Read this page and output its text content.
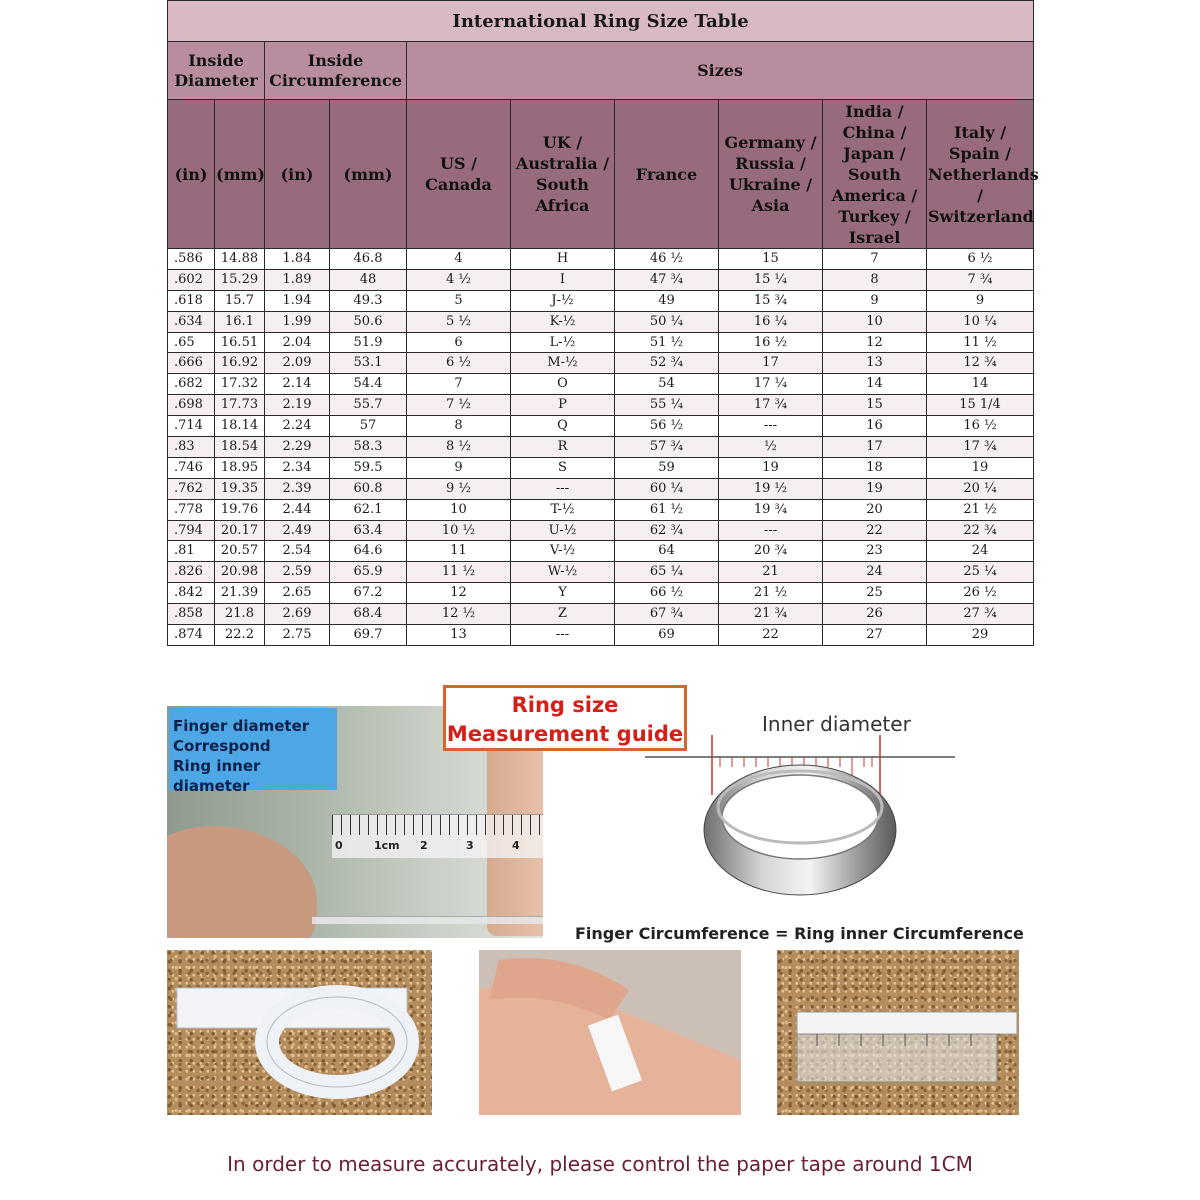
International Ring Size Table									
Inside Diameter		Inside Circumference		Sizes					
(in)	(mm)	(in)	(mm)	US / Canada	UK / Australia / South Africa	France	Germany / Russia / Ukraine / Asia	India / China / Japan / South America / Turkey / Israel	Italy / Spain / Netherlands / Switzerland
.586	14.88	1.84	46.8	4	H	46 ½	15	7	6 ½
.602	15.29	1.89	48	4 ½	I	47 ¾	15 ¼	8	7 ¾
.618	15.7	1.94	49.3	5	J-½	49	15 ¾	9	9
.634	16.1	1.99	50.6	5 ½	K-½	50 ¼	16 ¼	10	10 ¼
.65	16.51	2.04	51.9	6	L-½	51 ½	16 ½	12	11 ½
.666	16.92	2.09	53.1	6 ½	M-½	52 ¾	17	13	12 ¾
.682	17.32	2.14	54.4	7	O	54	17 ¼	14	14
.698	17.73	2.19	55.7	7 ½	P	55 ¼	17 ¾	15	15 1/4
.714	18.14	2.24	57	8	Q	56 ½	---	16	16 ½
.83	18.54	2.29	58.3	8 ½	R	57 ¾	½	17	17 ¾
.746	18.95	2.34	59.5	9	S	59	19	18	19
.762	19.35	2.39	60.8	9 ½	---	60 ¼	19 ½	19	20 ¼
.778	19.76	2.44	62.1	10	T-½	61 ½	19 ¾	20	21 ½
.794	20.17	2.49	63.4	10 ½	U-½	62 ¾	---	22	22 ¾
.81	20.57	2.54	64.6	11	V-½	64	20 ¾	23	24
.826	20.98	2.59	65.9	11 ½	W-½	65 ¼	21	24	25 ¼
.842	21.39	2.65	67.2	12	Y	66 ½	21 ½	25	26 ½
.858	21.8	2.69	68.4	12 ½	Z	67 ¾	21 ¾	26	27 ¾
.874	22.2	2.75	69.7	13	---	69	22	27	29
0	1cm 2	3	4
Finger diameter
Correspond
Ring inner diameter
Ring size
Measurement guide	Inner diameter
Finger Circumference = Ring inner Circumference
In order to measure accurately, please control the paper tape around 1CM
